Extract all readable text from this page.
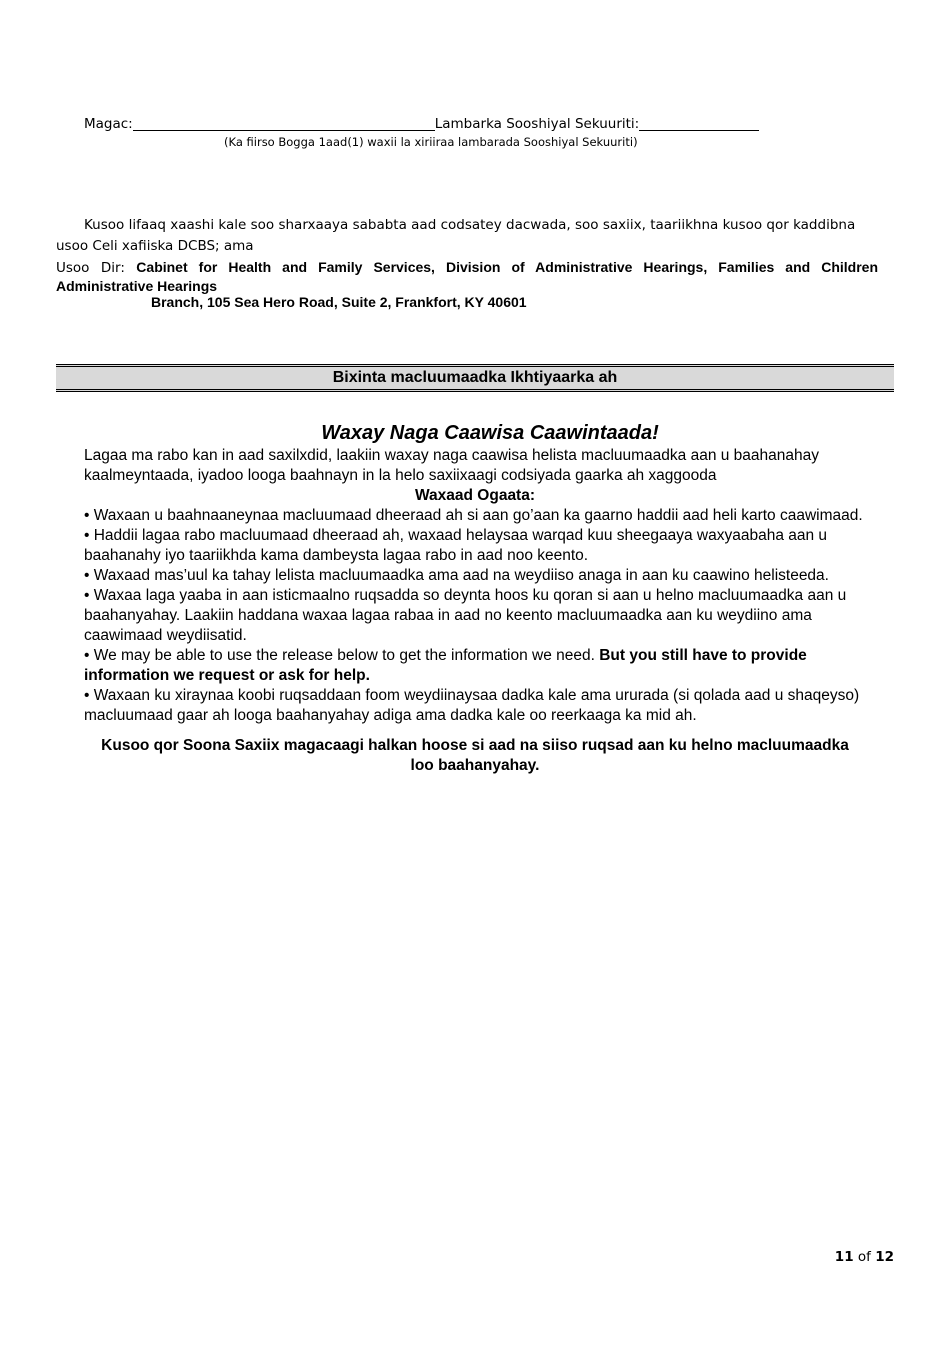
Magac:	Lambarka Sooshiyal Sekuuriti:
(Ka fiirso Bogga 1aad(1) waxii la xiriiraa lambarada Sooshiyal Sekuuriti)
Kusoo lifaaq xaashi kale soo sharxaaya sababta aad codsatey dacwada, soo saxiix, taariikhna kusoo qor kaddibna
usoo Celi xafiiska DCBS; ama
Usoo Dir: Cabinet for Health and Family Services, Division of Administrative Hearings, Families and Children Administrative Hearings
Branch, 105 Sea Hero Road, Suite 2, Frankfort, KY 40601
Bixinta macluumaadka Ikhtiyaarka ah
Waxay Naga Caawisa Caawintaada!

Lagaa ma rabo kan in aad saxilxdid, laakiin waxay naga caawisa helista macluumaadka aan u baahanahay kaalmeyntaada, iyadoo looga baahnayn in la helo saxiixaagi codsiyada gaarka ah xaggooda

Waxaad Ogaata:

• Waxaan u baahnaaneynaa macluumaad dheeraad ah si aan go’aan ka gaarno haddii aad heli karto caawimaad.

• Haddii lagaa rabo macluumaad dheeraad ah, waxaad helaysaa warqad kuu sheegaaya waxyaabaha aan u baahanahy iyo taariikhda kama dambeysta lagaa rabo in aad noo keento.

• Waxaad mas’uul ka tahay lelista macluumaadka ama aad na weydiiso anaga in aan ku caawino helisteeda.

• Waxaa laga yaaba in aan isticmaalno ruqsadda so deynta hoos ku qoran si aan u helno macluumaadka aan u baahanyahay. Laakiin haddana waxaa lagaa rabaa in aad no keento macluumaadka aan ku weydiino ama caawimaad weydiisatid.

• We may be able to use the release below to get the information we need. But you still have to provide information we request or ask for help.

• Waxaan ku xiraynaa koobi ruqsaddaan foom weydiinaysaa dadka kale ama ururada (si qolada aad u shaqeyso) macluumaad gaar ah looga baahanyahay adiga ama dadka kale oo reerkaaga ka mid ah.

Kusoo qor Soona Saxiix magacaagi halkan hoose si aad na siiso ruqsad aan ku helno macluumaadka loo baahanyahay.

11 of 12
